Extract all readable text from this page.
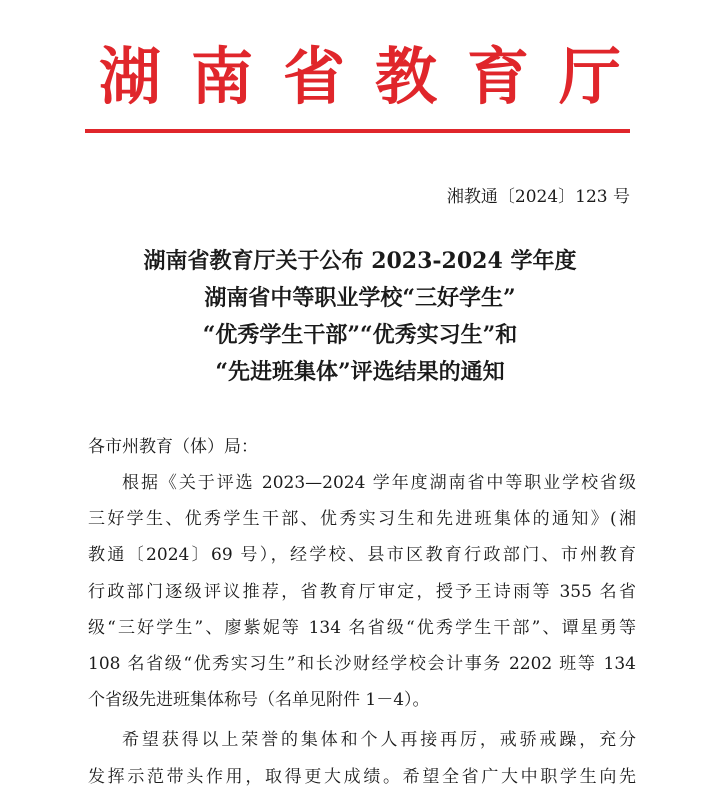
湖南省教育厅
湘教通〔2024〕123 号
湖南省教育厅关于公布 2023-2024 学年度
湖南省中等职业学校“三好学生”
“优秀学生干部”“优秀实习生”和
“先进班集体”评选结果的通知
各市州教育（体）局：
根据《关于评选 2023—2024 学年度湖南省中等职业学校省级
三好学生、优秀学生干部、优秀实习生和先进班集体的通知》(湘
教通〔2024〕69 号），经学校、县市区教育行政部门、市州教育
行政部门逐级评议推荐，省教育厅审定，授予王诗雨等 355 名省
级“三好学生”、廖紫妮等 134 名省级“优秀学生干部”、谭星勇等
108 名省级“优秀实习生”和长沙财经学校会计事务 2202 班等 134
个省级先进班集体称号（名单见附件 1－4）。
希望获得以上荣誉的集体和个人再接再厉，戒骄戒躁，充分
发挥示范带头作用，取得更大成绩。希望全省广大中职学生向先
